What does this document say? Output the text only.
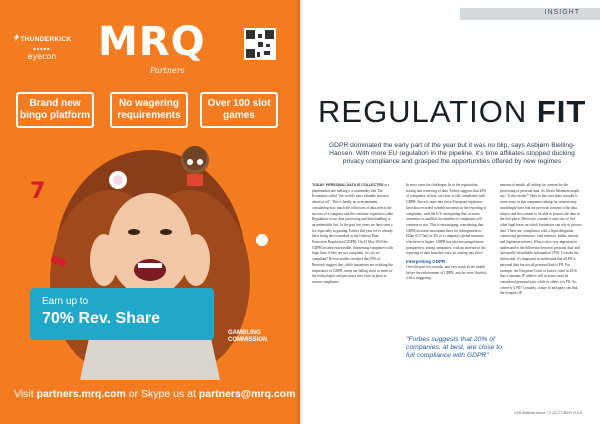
THUNDERKICK
■■■■■
eyecon	MRQ
Partners
Brand new bingo platform
No wagering requirements
Over 100 slot games
7
Earn up to
70% Rev. Share
GAMBLING
COMMISSION
Visit partners.mrq.com or Skype us at partners@mrq.com
INSIGHT
REGULATION FIT
GDPR dominated the early part of the year but it was no blip, says Asbjørn Bielling-Hansen. With more EU regulation in the pipeline, it's time affiliates stopped ducking privacy compliance and grasped the opportunities offered by new regimes
TODAY, PERSONAL DATA IS COLLECTED at a phenomenal rate making it a commodity that The Economist called "the world's most valuable resource ahead of oil". This is hardly an overstatement, considering how much the collection of data affects the success of a company and the customer experience alike. Regulation of our data processing and data handling is an undeniable fact. In the past few years we have seen a lot, especially in gaming. Earlier this year we've already been living above marked as the General Data Protection Regulation (GDPR). On 25 May 2018 the GDPR became enforceable, threatening companies with huge fines if they are not compliant. So, are we compliant? Recent studies revealed that 85% of Research suggest that, while businesses are realising the importance of GDPR, many are falling short in terms of the technologies and processes they have in place to ensure compliance.
In most cases the challenges lie in the registration, storing and retrieving of data. Forbes suggests that 20% of companies, at best, are close to full compliance with GDPR. Since it came into force, European regulators have also recorded sizeable increases in the reporting of complaints, with the ICO anticipating that, as more awareness is instilled, the number of complaints will continue to rise. This is encouraging, considering that GDPR increases maximum fines for infringement to €20m (£17.9m) or 4% of a company's global turnover, whichever is higher. GDPR has also encouraged more transparency among companies, with an increase in the reporting of data breaches since its coming into force.
Interpreting GDPR
Over the past few months, and very much in the month before the enforcement of GDPR, articles were flooded, with a staggering
amount of emails, all asking for consent for the processing of personal data. As Alexis Mountain might say, "Is this inside?" Only in this case there actually is some irony in that companies asking for consent may unwittingly have had the previous consent of the data subject and the consent to be able to process the data in the first place. Moreover, consent is only one of five other legal bases on which businesses can rely to process data. These are: compliance with a legal obligation, contractual performance, vital interests, public interest, and legitimate interest. What is also very important to understand is the difference between 'personal data' and 'personally identifiable information' (PII). To make the distinction, it's important to understand that all PII is personal data but not all personal data is PII. For example, the European Court of Justice ruled in 2016 that a dynamic IP address will in some cases be considered personal data, while in others it is PII. So, where is it PII? Certainly, it may fit and party can link the dynamic IP
"Forbes suggests that 20% of companies, at best, are close to full compliance with GDPR"
iGB Affiliate Issue 71 OCTOBER 2018
